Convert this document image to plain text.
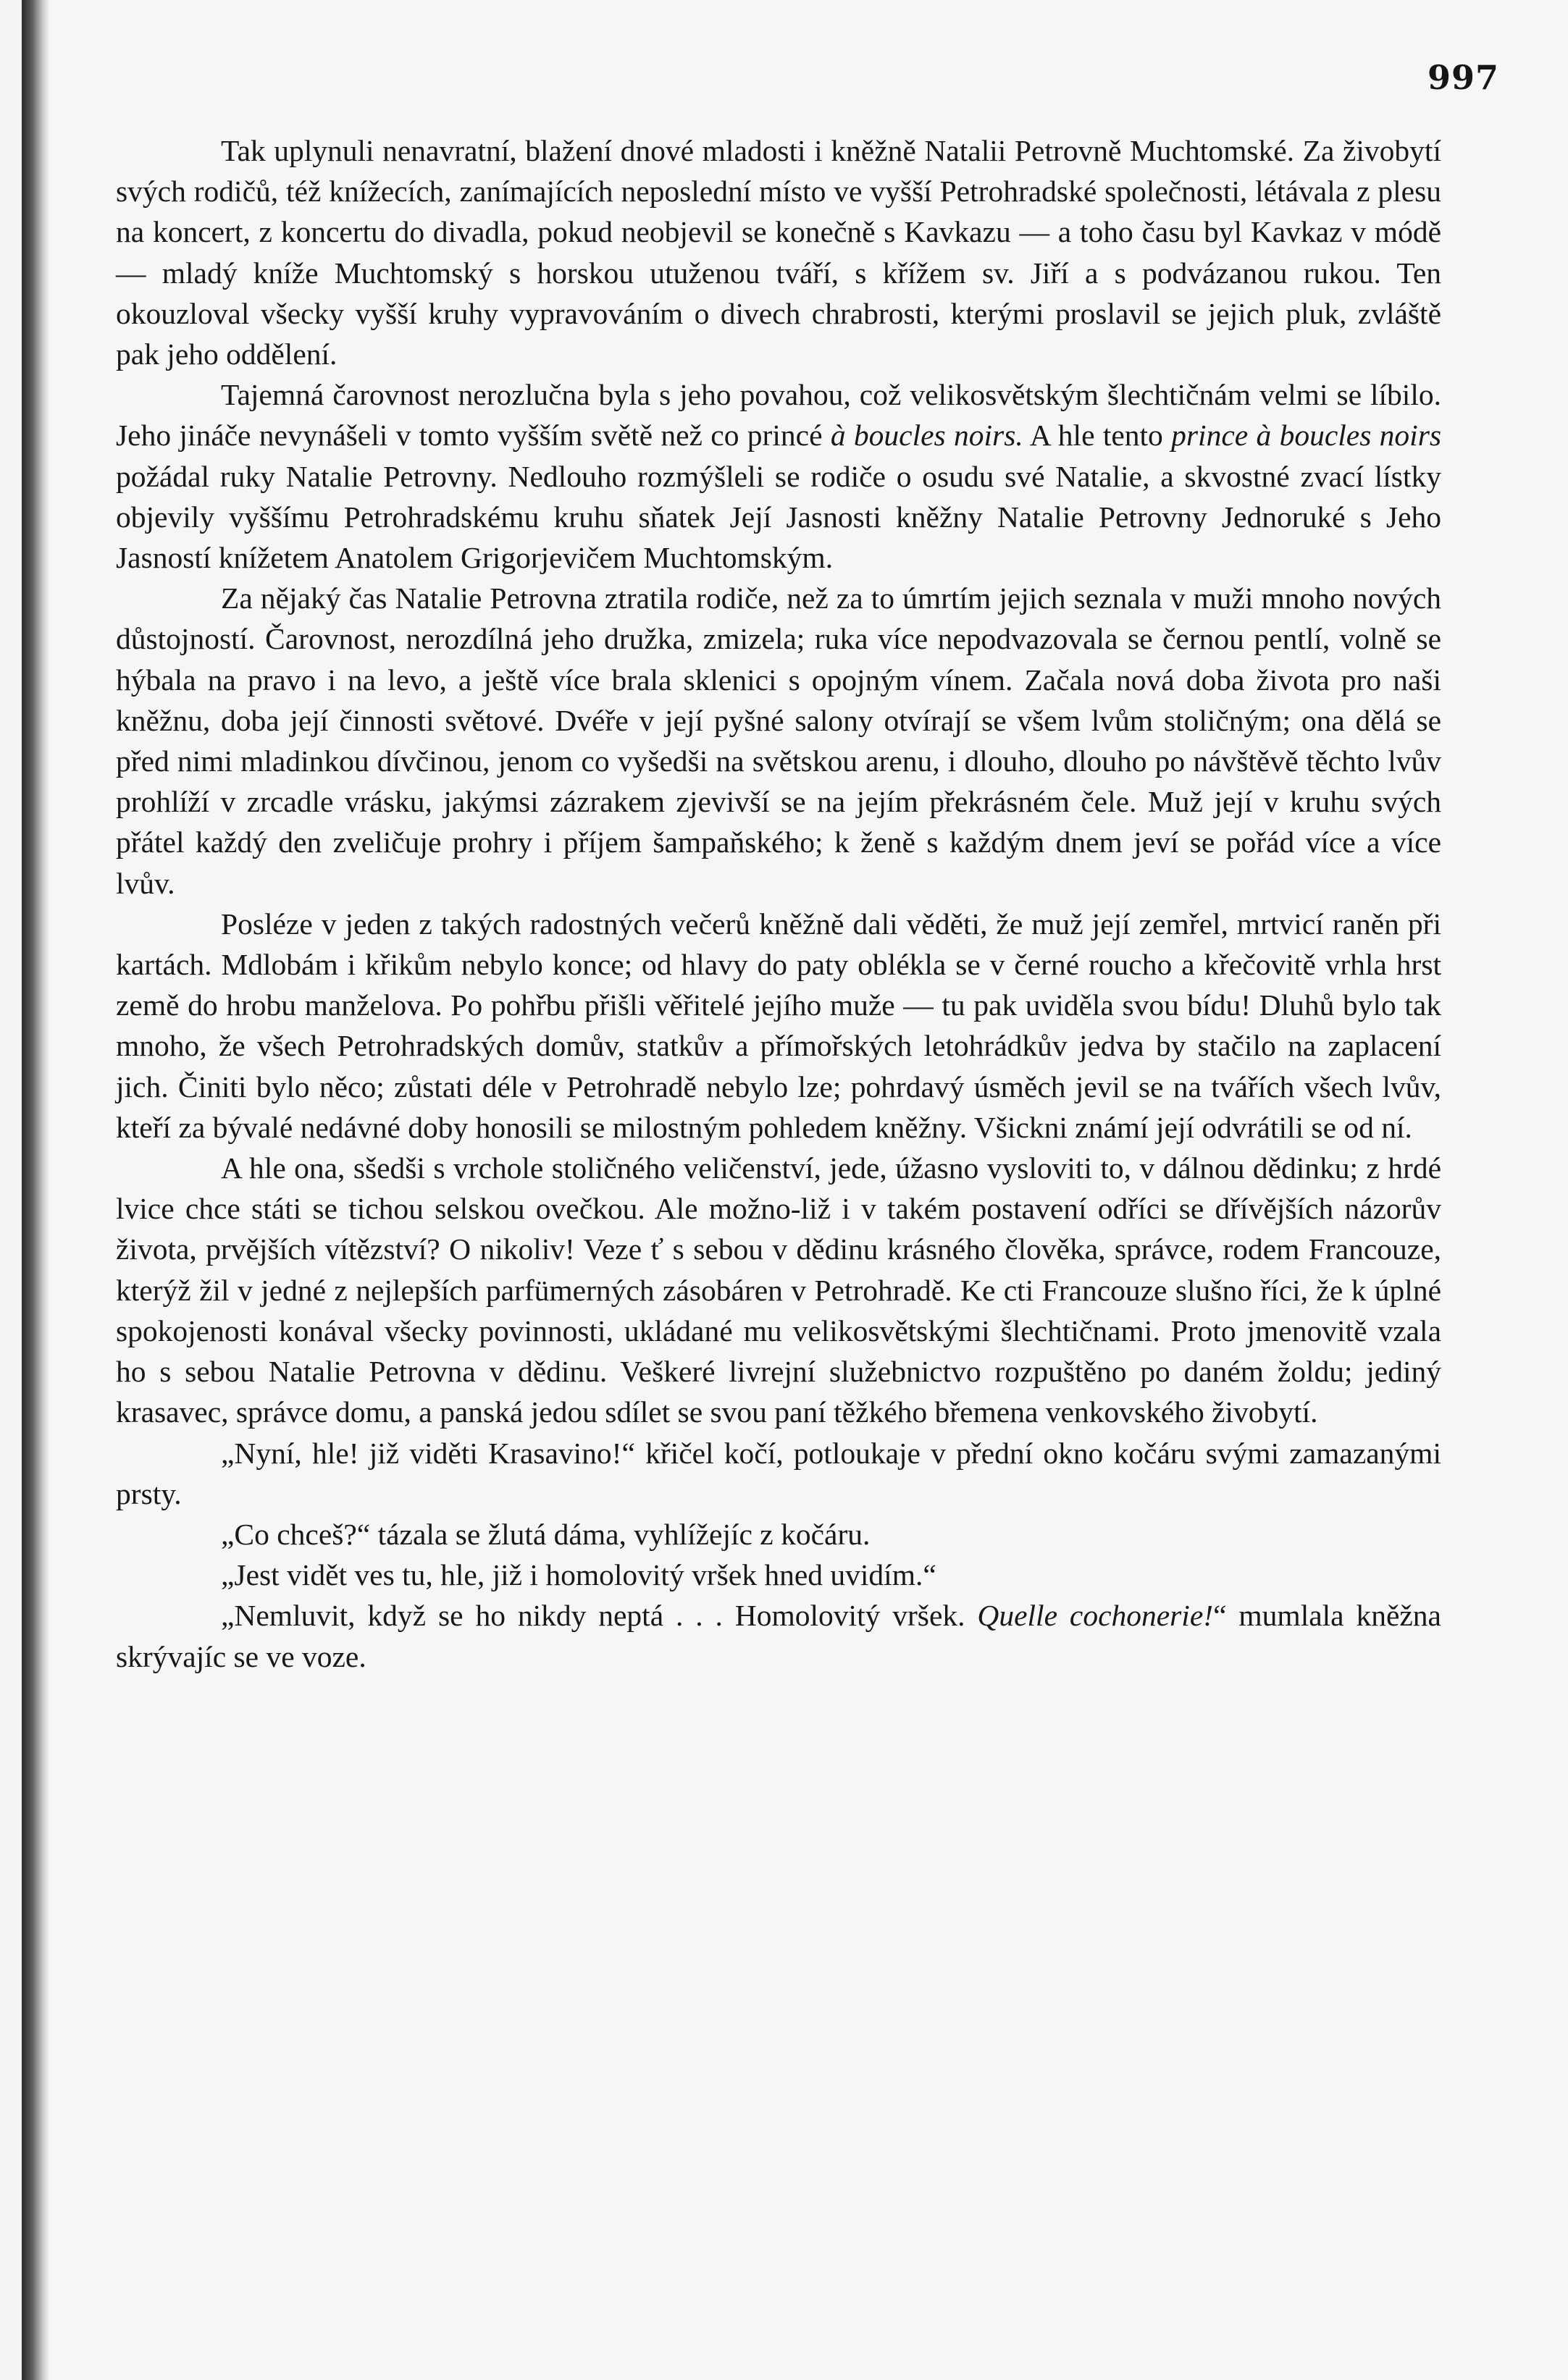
997

Tak uplynuli nenavratní, blažení dnové mladosti i kněžně Natalii Petrovně Muchtomské. Za živobytí svých rodičů, též knížecích, zanímajících neposlední místo ve vyšší Petrohradské společnosti, létávala z plesu na koncert, z koncertu do divadla, pokud neobjevil se konečně s Kavkazu — a toho času byl Kavkaz v módě — mladý kníže Muchtomský s horskou utuženou tváří, s křížem sv. Jiří a s podvázanou rukou. Ten okouzloval všecky vyšší kruhy vypravováním o divech chrabrosti, kterými proslavil se jejich pluk, zvláště pak jeho oddělení.

Tajemná čarovnost nerozlučna byla s jeho povahou, což velikosvětským šlechtičnám velmi se líbilo. Jeho jináče nevynášeli v tomto vyšším světě než co princé à boucles noirs. A hle tento prince à boucles noirs požádal ruky Natalie Petrovny. Nedlouho rozmýšleli se rodiče o osudu své Natalie, a skvostné zvací lístky objevily vyššímu Petrohradskému kruhu sňatek Její Jasnosti kněžny Natalie Petrovny Jednoruké s Jeho Jasností knížetem Anatolem Grigorjevičem Muchtomským.

Za nějaký čas Natalie Petrovna ztratila rodiče, než za to úmrtím jejich seznala v muži mnoho nových důstojností. Čarovnost, nerozdílná jeho družka, zmizela; ruka více nepodvazovala se černou pentlí, volně se hýbala na pravo i na levo, a ještě více brala sklenici s opojným vínem. Začala nová doba života pro naši kněžnu, doba její činnosti světové. Dvéře v její pyšné salony otvírají se všem lvům stoličným; ona dělá se před nimi mladinkou dívčinou, jenom co vyšedši na světskou arenu, i dlouho, dlouho po návštěvě těchto lvův prohlíží v zrcadle vrásku, jakýmsi zázrakem zjevivší se na jejím překrásném čele. Muž její v kruhu svých přátel každý den zveličuje prohry i příjem šampaňského; k ženě s každým dnem jeví se pořád více a více lvův.

Posléze v jeden z takých radostných večerů kněžně dali věděti, že muž její zemřel, mrtvicí raněn při kartách. Mdlobám i křikům nebylo konce; od hlavy do paty oblékla se v černé roucho a křečovitě vrhla hrst země do hrobu manželova. Po pohřbu přišli věřitelé jejího muže — tu pak uviděla svou bídu! Dluhů bylo tak mnoho, že všech Petrohradských domův, statkův a přímořských letohrádkův jedva by stačilo na zaplacení jich. Činiti bylo něco; zůstati déle v Petrohradě nebylo lze; pohrdavý úsměch jevil se na tvářích všech lvův, kteří za bývalé nedávné doby honosili se milostným pohledem kněžny. Všickni známí její odvrátili se od ní.

A hle ona, sšedši s vrchole stoličného veličenství, jede, úžasno vysloviti to, v dálnou dědinku; z hrdé lvice chce státi se tichou selskou ovečkou. Ale možno-liž i v takém postavení odříci se dřívějších názorův života, prvějších vítězství? O nikoliv! Veze ť s sebou v dědinu krásného člověka, správce, rodem Francouze, kterýž žil v jedné z nejlepších parfümerných zásobáren v Petrohradě. Ke cti Francouze slušno říci, že k úplné spokojenosti konával všecky povinnosti, ukládané mu velikosvětskými šlechtičnami. Proto jmenovitě vzala ho s sebou Natalie Petrovna v dědinu. Veškeré livrejní služebnictvo rozpuštěno po daném žoldu; jediný krasavec, správce domu, a panská jedou sdílet se svou paní těžkého břemena venkovského živobytí.

„Nyní, hle! již viděti Krasavino!“ křičel kočí, potloukaje v přední okno kočáru svými zamazanými prsty.

„Co chceš?“ tázala se žlutá dáma, vyhlížejíc z kočáru.

„Jest vidět ves tu, hle, již i homolovitý vršek hned uvidím.“

„Nemluvit, když se ho nikdy neptá . . . Homolovitý vršek. Quelle cochonerie!“ mumlala kněžna skrývajíc se ve voze.
